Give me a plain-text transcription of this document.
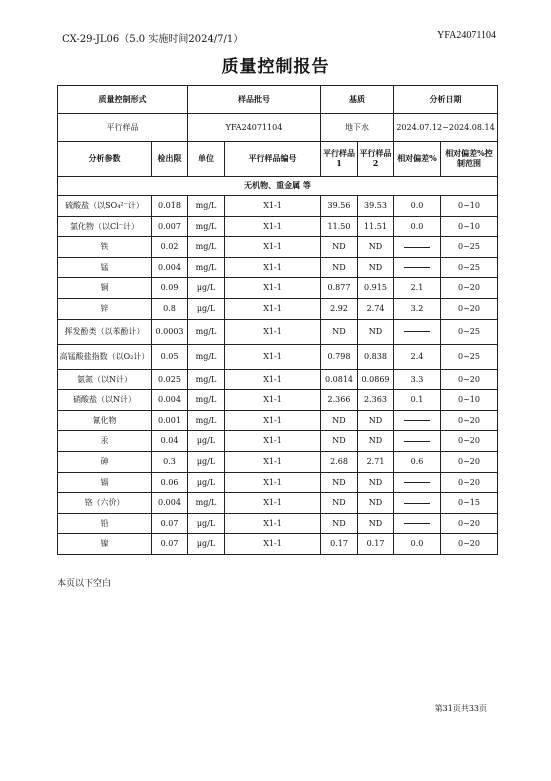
CX-29-JL06（5.0 实施时间2024/7/1）	YFA24071104
质量控制报告
质量控制形式		样品批号		基质		分析日期	
平行样品		YFA24071104		地下水		2024.07.12~2024.08.14	
分析参数	检出限	单位	平行样品编号	平行样品1	平行样品2	相对偏差%	相对偏差%控制范围
无机物、重金属 等							
硫酸盐（以SO₄²⁻计）	0.018	mg/L	X1-1	39.56	39.53	0.0	0~10
氯化物（以Cl⁻计）	0.007	mg/L	X1-1	11.50	11.51	0.0	0~10
铁	0.02	mg/L	X1-1	ND	ND		0~25
锰	0.004	mg/L	X1-1	ND	ND		0~25
铜	0.09	μg/L	X1-1	0.877	0.915	2.1	0~20
锌	0.8	μg/L	X1-1	2.92	2.74	3.2	0~20
挥发酚类（以苯酚计）	0.0003	mg/L	X1-1	ND	ND		0~25
高锰酸盐指数（以O₂计）	0.05	mg/L	X1-1	0.798	0.838	2.4	0~25
氨氮（以N计）	0.025	mg/L	X1-1	0.0814	0.0869	3.3	0~20
硝酸盐（以N计）	0.004	mg/L	X1-1	2.366	2.363	0.1	0~10
氰化物	0.001	mg/L	X1-1	ND	ND		0~20
汞	0.04	μg/L	X1-1	ND	ND		0~20
砷	0.3	μg/L	X1-1	2.68	2.71	0.6	0~20
镉	0.06	μg/L	X1-1	ND	ND		0~20
铬（六价）	0.004	mg/L	X1-1	ND	ND		0~15
铅	0.07	μg/L	X1-1	ND	ND		0~20
镍	0.07	μg/L	X1-1	0.17	0.17	0.0	0~20
本页以下空白
第31页共33页
